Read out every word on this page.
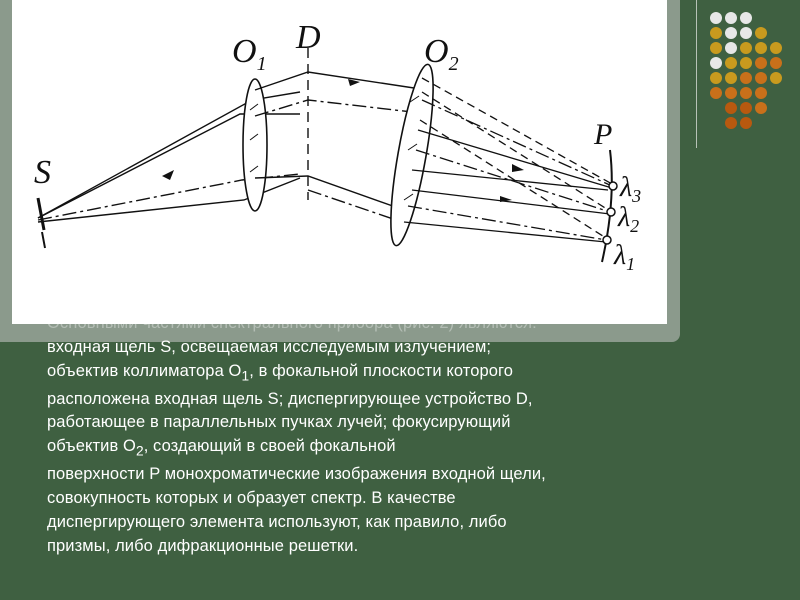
S
$O_1$
D	$O_2$
P
$\lambda_3$
$\lambda_2$
$\lambda_1$

Основными частями спектрального прибора (рис. 2) являются:

входная щель S, освещаемая исследуемым излучением;

объектив коллиматора $O_1$, в фокальной плоскости которого

расположена входная щель S; диспергирующее устройство D,

работающее в параллельных пучках лучей; фокусирующий

объектив $O_2$, создающий в своей фокальной

поверхности P монохроматические изображения входной щели,

совокупность которых и образует спектр. В качестве

диспергирующего элемента используют, как правило, либо

призмы, либо дифракционные решетки.
